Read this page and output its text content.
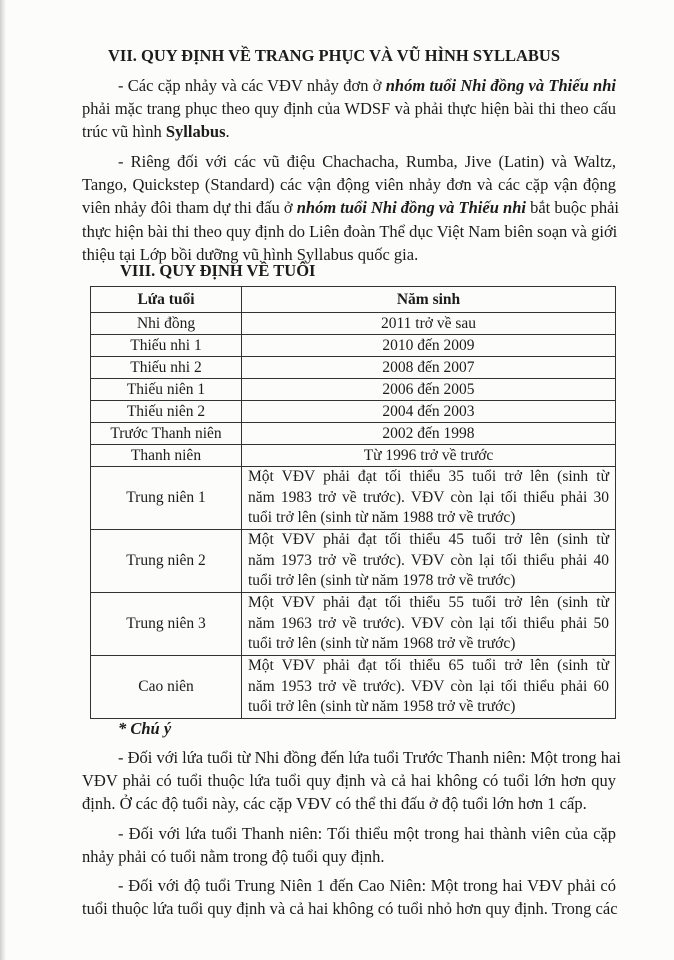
VII. QUY ĐỊNH VỀ TRANG PHỤC VÀ VŨ HÌNH SYLLABUS
- Các cặp nhảy và các VĐV nhảy đơn ở nhóm tuổi Nhi đồng và Thiếu nhi
phải mặc trang phục theo quy định của WDSF và phải thực hiện bài thi theo cấu
trúc vũ hình Syllabus.
- Riêng đối với các vũ điệu Chachacha, Rumba, Jive (Latin) và Waltz,
Tango, Quickstep (Standard) các vận động viên nhảy đơn và các cặp vận động
viên nhảy đôi tham dự thi đấu ở nhóm tuổi Nhi đồng và Thiếu nhi bắt buộc phải
thực hiện bài thi theo quy định do Liên đoàn Thể dục Việt Nam biên soạn và giới
thiệu tại Lớp bồi dưỡng vũ hình Syllabus quốc gia.
VIII. QUY ĐỊNH VỀ TUỔI
Lứa tuổi	Năm sinh
Nhi đồng	2011 trở về sau
Thiếu nhi 1	2010 đến 2009
Thiếu nhi 2	2008 đến 2007
Thiếu niên 1	2006 đến 2005
Thiếu niên 2	2004 đến 2003
Trước Thanh niên	2002 đến 1998
Thanh niên	Từ 1996 trở về trước
Trung niên 1	Một VĐV phải đạt tối thiểu 35 tuổi trở lên (sinh từ
năm 1983 trở về trước). VĐV còn lại tối thiểu phải 30
tuổi trở lên (sinh từ năm 1988 trở về trước)

Trung niên 2	Một VĐV phải đạt tối thiểu 45 tuổi trở lên (sinh từ
năm 1973 trở về trước). VĐV còn lại tối thiểu phải 40
tuổi trở lên (sinh từ năm 1978 trở về trước)

Trung niên 3	Một VĐV phải đạt tối thiểu 55 tuổi trở lên (sinh từ
năm 1963 trở về trước). VĐV còn lại tối thiểu phải 50
tuổi trở lên (sinh từ năm 1968 trở về trước)

Cao niên	Một VĐV phải đạt tối thiểu 65 tuổi trở lên (sinh từ
năm 1953 trở về trước). VĐV còn lại tối thiểu phải 60
tuổi trở lên (sinh từ năm 1958 trở về trước)
* Chú ý
- Đối với lứa tuổi từ Nhi đồng đến lứa tuổi Trước Thanh niên: Một trong hai
VĐV phải có tuổi thuộc lứa tuổi quy định và cả hai không có tuổi lớn hơn quy
định. Ở các độ tuổi này, các cặp VĐV có thể thi đấu ở độ tuổi lớn hơn 1 cấp.
- Đối với lứa tuổi Thanh niên: Tối thiểu một trong hai thành viên của cặp
nhảy phải có tuổi nằm trong độ tuổi quy định.
- Đối với độ tuổi Trung Niên 1 đến Cao Niên: Một trong hai VĐV phải có
tuổi thuộc lứa tuổi quy định và cả hai không có tuổi nhỏ hơn quy định. Trong các
